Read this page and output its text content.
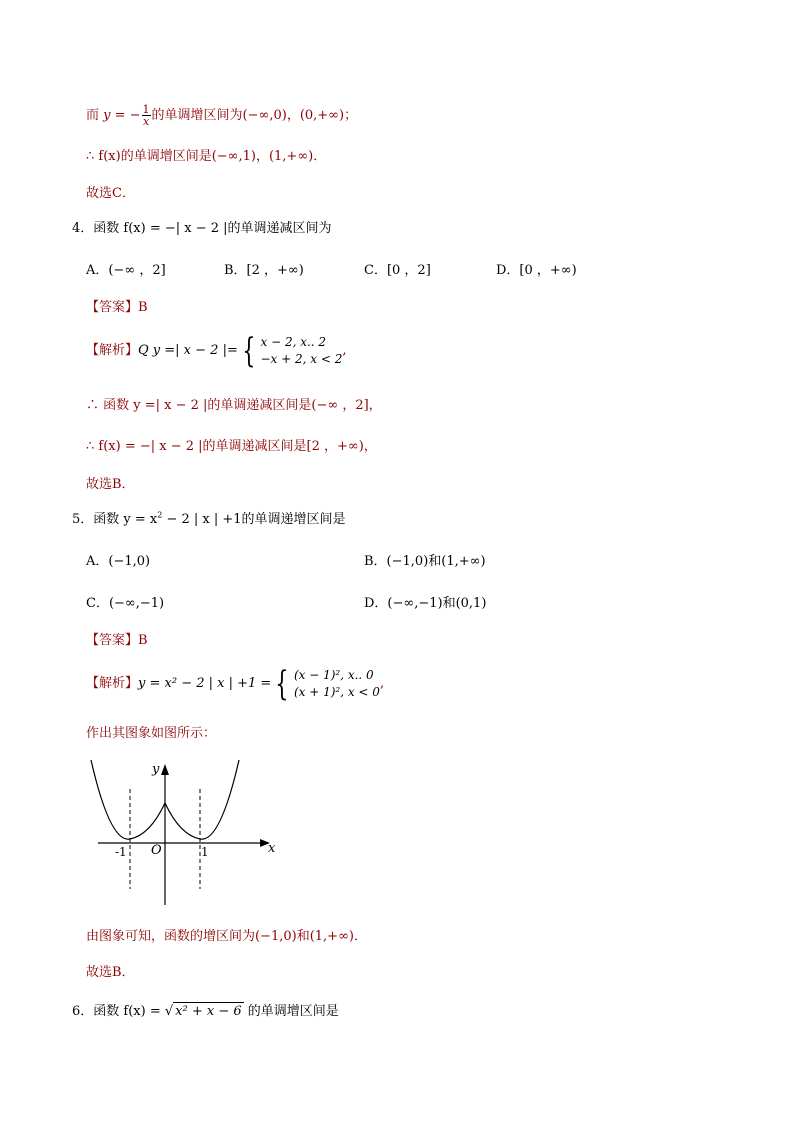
而 y = − $\frac{1}{x}$ 的单调增区间为(−∞,0)，(0,+∞)；
∴ f(x)的单调增区间是(−∞,1)，(1,+∞)．
故选C．
4．函数 f(x) = −| x − 2 |的单调递减区间为
A．(−∞ ，2]	B．[2 ，+∞)	C．[0 ，2]	D．[0 ，+∞)
【答案】B
【解析】Q y =| x − 2 |= { x − 2, x.. 2
−x + 2, x < 2
,
∴ 函数 y =| x − 2 |的单调递减区间是(−∞ ，2]，
∴ f(x) = −| x − 2 |的单调递减区间是[2 ，+∞)，
故选B．
5．函数 $y = x^2 - 2$ | x | +1的单调递增区间是
A．(−1,0)	B．(−1,0)和(1,+∞)
C．(−∞,−1)	D．(−∞,−1)和(0,1)
【答案】B
【解析】y = x² − 2 | x | +1 = { (x − 1)², x.. 0
(x + 1)², x < 0
,
作出其图象如图所示：
y
x
O
-1	1
由图象可知，函数的增区间为(−1,0)和(1,+∞)．
故选B．
6．函数 f(x) = √ x² + x − 6 的单调增区间是
